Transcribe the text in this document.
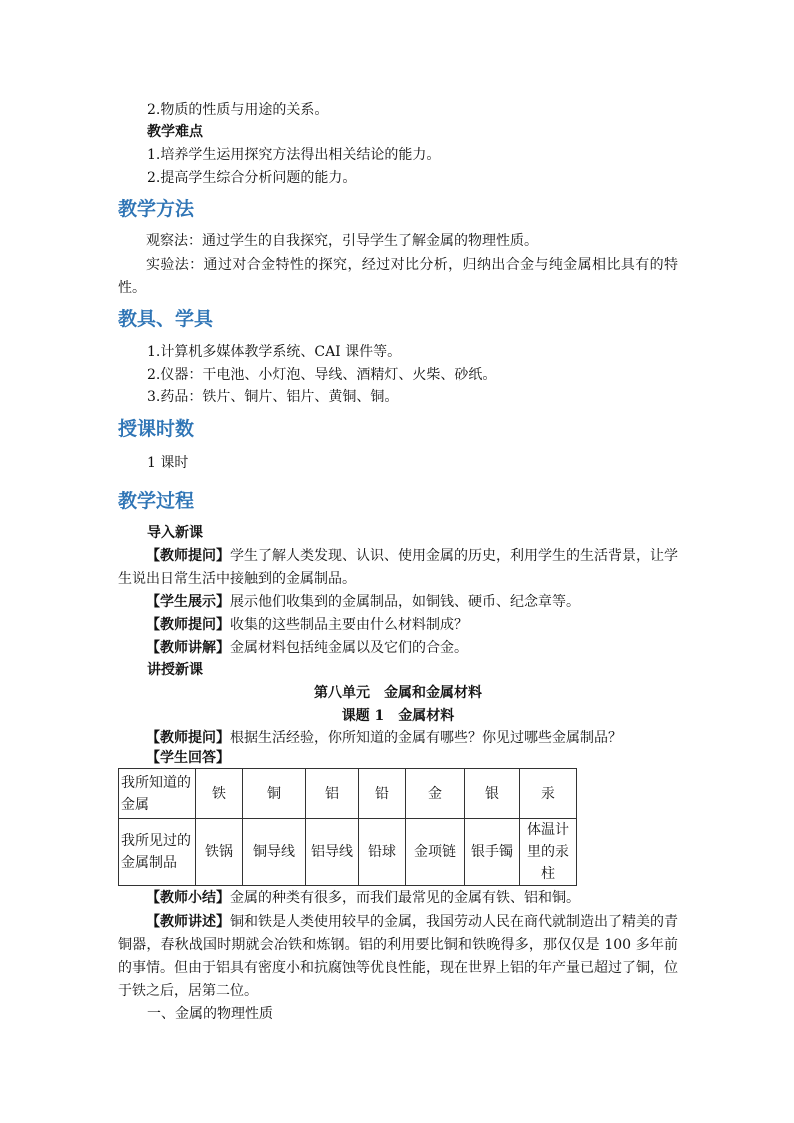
2.物质的性质与用途的关系。
教学难点
1.培养学生运用探究方法得出相关结论的能力。
2.提高学生综合分析问题的能力。
教学方法

观察法：通过学生的自我探究，引导学生了解金属的物理性质。

实验法：通过对合金特性的探究，经过对比分析，归纳出合金与纯金属相比具有的特性。

教具、学具
1.计算机多媒体教学系统、CAI 课件等。
2.仪器：干电池、小灯泡、导线、酒精灯、火柴、砂纸。
3.药品：铁片、铜片、铝片、黄铜、铜。
授课时数
1 课时
教学过程
导入新课

【教师提问】学生了解人类发现、认识、使用金属的历史，利用学生的生活背景，让学生说出日常生活中接触到的金属制品。

【学生展示】展示他们收集到的金属制品，如铜钱、硬币、纪念章等。

【教师提问】收集的这些制品主要由什么材料制成？

【教师讲解】金属材料包括纯金属以及它们的合金。

讲授新课
第八单元　金属和金属材料
课题 1　金属材料

【教师提问】根据生活经验，你所知道的金属有哪些？你见过哪些金属制品？

【学生回答】

我所知道的金属	铁	铜	铝	铅	金	银	汞
我所见过的金属制品	铁锅	铜导线	铝导线	铅球	金项链	银手镯	体温计里的汞柱

【教师小结】金属的种类有很多，而我们最常见的金属有铁、铝和铜。

【教师讲述】铜和铁是人类使用较早的金属，我国劳动人民在商代就制造出了精美的青铜器，春秋战国时期就会冶铁和炼钢。铝的利用要比铜和铁晚得多，那仅仅是 100 多年前的事情。但由于铝具有密度小和抗腐蚀等优良性能，现在世界上铝的年产量已超过了铜，位于铁之后，居第二位。

一、金属的物理性质
